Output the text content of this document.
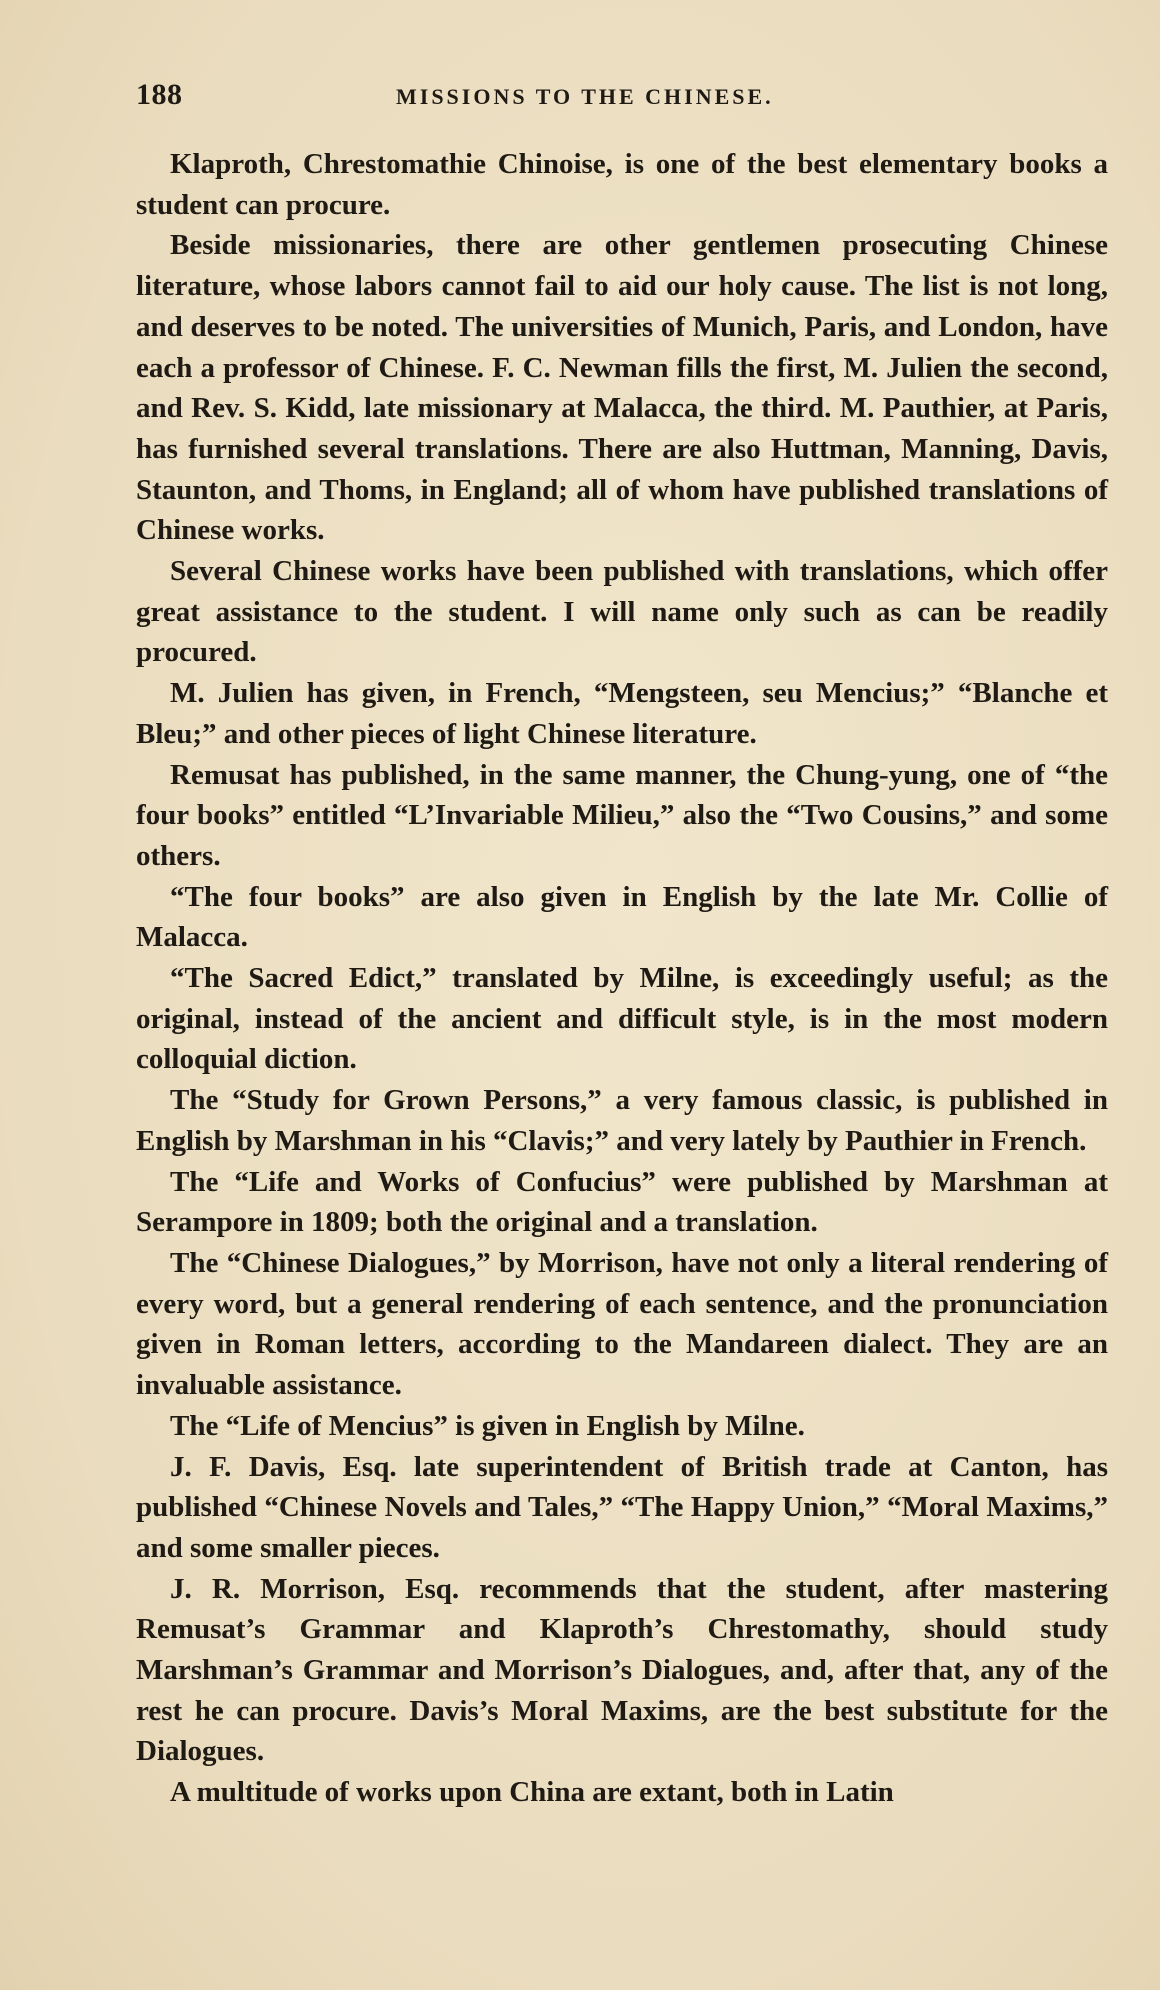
188	MISSIONS TO THE CHINESE.

Klaproth, Chrestomathie Chinoise, is one of the best elementary books a student can procure.

Beside missionaries, there are other gentlemen prosecuting Chinese literature, whose labors cannot fail to aid our holy cause. The list is not long, and deserves to be noted. The universities of Munich, Paris, and London, have each a professor of Chinese. F. C. Newman fills the first, M. Julien the second, and Rev. S. Kidd, late missionary at Malacca, the third. M. Pauthier, at Paris, has furnished several translations. There are also Huttman, Manning, Davis, Staunton, and Thoms, in England; all of whom have published translations of Chinese works.

Several Chinese works have been published with translations, which offer great assistance to the student. I will name only such as can be readily procured.

M. Julien has given, in French, “Mengsteen, seu Mencius;” “Blanche et Bleu;” and other pieces of light Chinese literature.

Remusat has published, in the same manner, the Chung-yung, one of “the four books” entitled “L’Invariable Milieu,” also the “Two Cousins,” and some others.

“The four books” are also given in English by the late Mr. Collie of Malacca.

“The Sacred Edict,” translated by Milne, is exceedingly useful; as the original, instead of the ancient and difficult style, is in the most modern colloquial diction.

The “Study for Grown Persons,” a very famous classic, is published in English by Marshman in his “Clavis;” and very lately by Pauthier in French.

The “Life and Works of Confucius” were published by Marshman at Serampore in 1809; both the original and a translation.

The “Chinese Dialogues,” by Morrison, have not only a literal rendering of every word, but a general rendering of each sentence, and the pronunciation given in Roman letters, according to the Mandareen dialect. They are an invaluable assistance.

The “Life of Mencius” is given in English by Milne.

J. F. Davis, Esq. late superintendent of British trade at Canton, has published “Chinese Novels and Tales,” “The Happy Union,” “Moral Maxims,” and some smaller pieces.

J. R. Morrison, Esq. recommends that the student, after mastering Remusat’s Grammar and Klaproth’s Chrestomathy, should study Marshman’s Grammar and Morrison’s Dialogues, and, after that, any of the rest he can procure. Davis’s Moral Maxims, are the best substitute for the Dialogues.

A multitude of works upon China are extant, both in Latin
